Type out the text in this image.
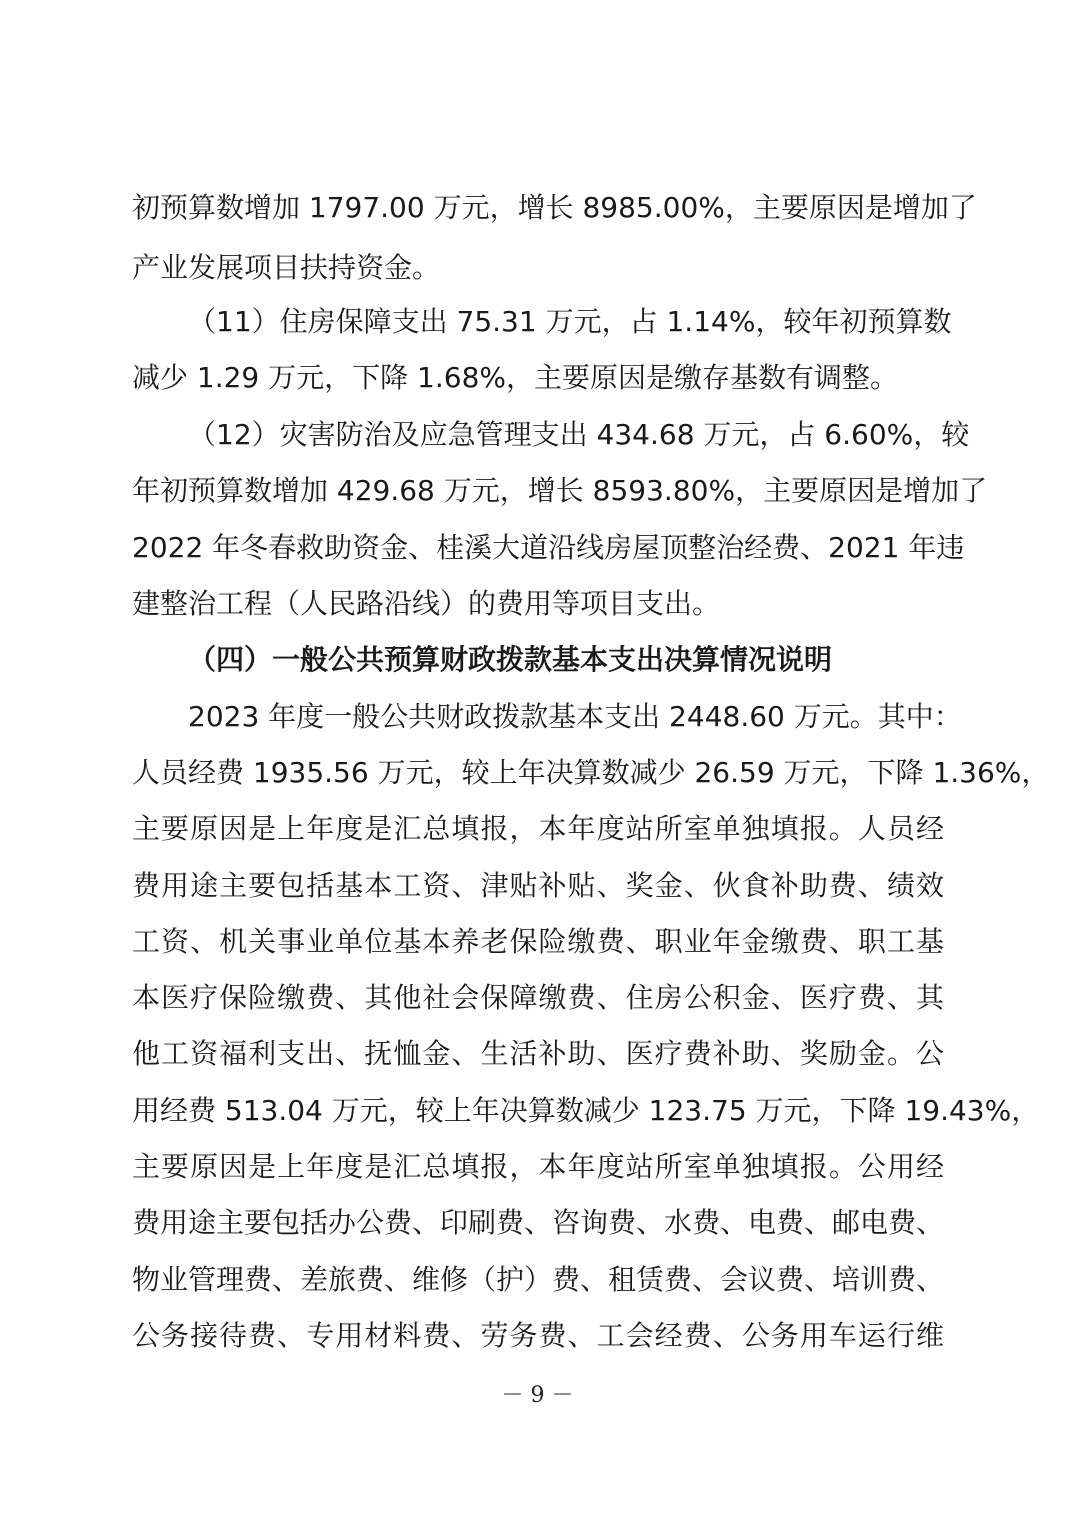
初预算数增加 1797.00 万元，增长 8985.00%，主要原因是增加了
产业发展项目扶持资金。
（11）住房保障支出 75.31 万元，占 1.14%，较年初预算数
减少 1.29 万元，下降 1.68%，主要原因是缴存基数有调整。
（12）灾害防治及应急管理支出 434.68 万元，占 6.60%，较
年初预算数增加 429.68 万元，增长 8593.80%，主要原因是增加了
2022 年冬春救助资金、桂溪大道沿线房屋顶整治经费、2021 年违
建整治工程（人民路沿线）的费用等项目支出。
（四）一般公共预算财政拨款基本支出决算情况说明
2023 年度一般公共财政拨款基本支出 2448.60 万元。其中：
人员经费 1935.56 万元，较上年决算数减少 26.59 万元，下降 1.36%，
主要原因是上年度是汇总填报，本年度站所室单独填报。人员经
费用途主要包括基本工资、津贴补贴、奖金、伙食补助费、绩效
工资、机关事业单位基本养老保险缴费、职业年金缴费、职工基
本医疗保险缴费、其他社会保障缴费、住房公积金、医疗费、其
他工资福利支出、抚恤金、生活补助、医疗费补助、奖励金。公
用经费 513.04 万元，较上年决算数减少 123.75 万元，下降 19.43%，
主要原因是上年度是汇总填报，本年度站所室单独填报。公用经
费用途主要包括办公费、印刷费、咨询费、水费、电费、邮电费、
物业管理费、差旅费、维修（护）费、租赁费、会议费、培训费、
公务接待费、专用材料费、劳务费、工会经费、公务用车运行维
－ 9 －
